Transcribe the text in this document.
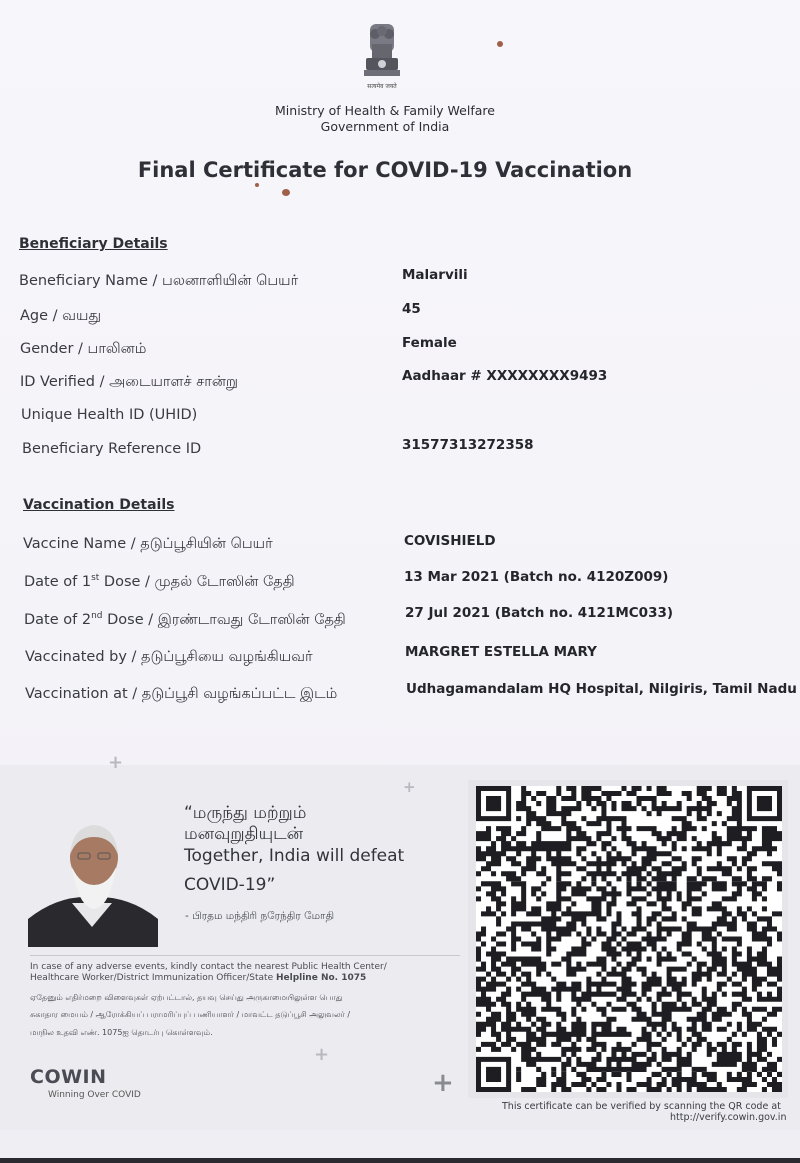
सत्यमेव जयते
Ministry of Health & Family Welfare
Government of India
Final Certificate for COVID-19 Vaccination
Beneficiary Details
Beneficiary Name / பலனாளியின் பெயர்	Malarvili
Age / வயது	45
Gender / பாலினம்	Female
ID Verified / அடையாளச் சான்று	Aadhaar # XXXXXXXX9493
Unique Health ID (UHID)
Beneficiary Reference ID	31577313272358
Vaccination Details
Vaccine Name / தடுப்பூசியின் பெயர்	COVISHIELD
Date of 1st Dose / முதல் டோஸின் தேதி	13 Mar 2021 (Batch no. 4120Z009)
Date of 2nd Dose / இரண்டாவது டோஸின் தேதி	27 Jul 2021 (Batch no. 4121MC033)
Vaccinated by / தடுப்பூசியை வழங்கியவர்	MARGRET ESTELLA MARY
Vaccination at / தடுப்பூசி வழங்கப்பட்ட இடம்	Udhagamandalam HQ Hospital, Nilgiris, Tamil Nadu
+
+
+
+
“மருந்து மற்றும்
மனவுறுதியுடன்
Together, India will defeat
COVID-19”
- பிரதம மந்திரி நரேந்திர மோதி
In case of any adverse events, kindly contact the nearest Public Health Center/
Healthcare Worker/District Immunization Officer/State Helpline No. 1075
ஏதேனும் எதிர்மறை விளைவுகள் ஏற்பட்டால், தயவு செய்து அருகாமையிலுள்ள பொது
சுகாதார மையம் / ஆரோக்கியப் பராமரிப்புப் பணியாளர் / மாவட்ட தடுப்பூசி அலுவலர் /
மாநில உதவி எண். 1075ஐ தொடர்பு கொள்ளவும்.
COWIN
Winning Over COVID
This certificate can be verified by scanning the QR code at
http://verify.cowin.gov.in
